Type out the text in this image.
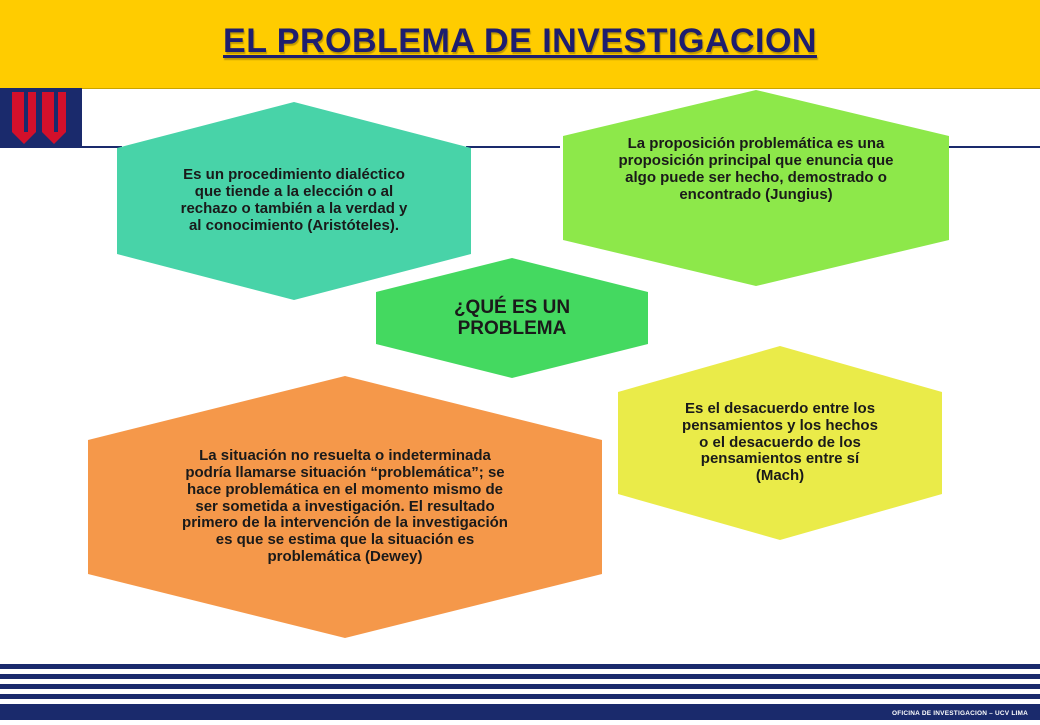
EL PROBLEMA DE INVESTIGACION
Es un procedimiento dialéctico que tiende a la elección o al rechazo o también a la verdad y al conocimiento (Aristóteles).
La proposición problemática es una proposición principal que enuncia que algo puede ser hecho, demostrado o encontrado (Jungius)
¿QUÉ ES UN PROBLEMA
Es el desacuerdo entre los pensamientos y los hechos o el desacuerdo de los pensamientos entre sí (Mach)
La situación no resuelta o indeterminada podría llamarse situación “problemática”; se hace problemática en el momento mismo de ser sometida a investigación. El resultado primero de la intervención de la investigación es que se estima que la situación es problemática (Dewey)
OFICINA DE INVESTIGACION – UCV LIMA
